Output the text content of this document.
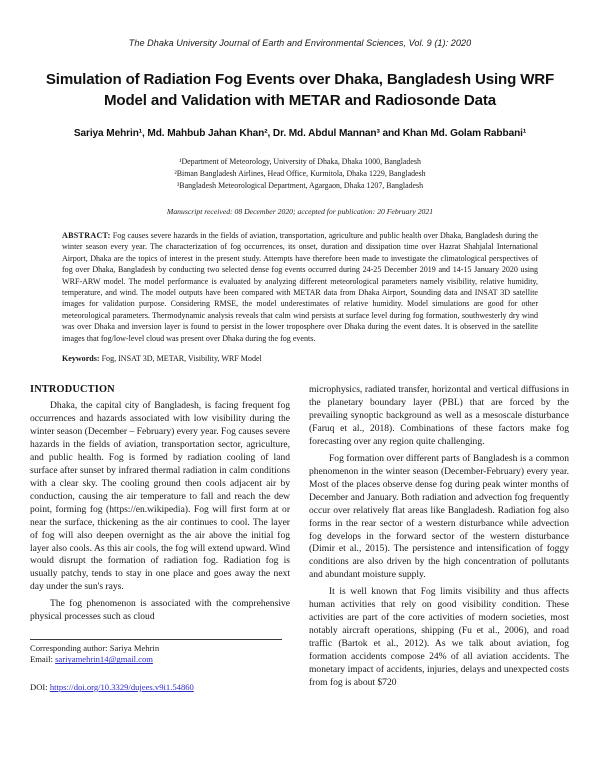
The Dhaka University Journal of Earth and Environmental Sciences, Vol. 9 (1): 2020
Simulation of Radiation Fog Events over Dhaka, Bangladesh Using WRF Model and Validation with METAR and Radiosonde Data
Sariya Mehrin¹, Md. Mahbub Jahan Khan², Dr. Md. Abdul Mannan³ and Khan Md. Golam Rabbani¹
¹Department of Meteorology, University of Dhaka, Dhaka 1000, Bangladesh
²Biman Bangladesh Airlines, Head Office, Kurmitola, Dhaka 1229, Bangladesh
³Bangladesh Meteorological Department, Agargaon, Dhaka 1207, Bangladesh
Manuscript received: 08 December 2020; accepted for publication: 20 February 2021
ABSTRACT: Fog causes severe hazards in the fields of aviation, transportation, agriculture and public health over Dhaka, Bangladesh during the winter season every year. The characterization of fog occurrences, its onset, duration and dissipation time over Hazrat Shahjalal International Airport, Dhaka are the topics of interest in the present study. Attempts have therefore been made to investigate the climatological perspectives of fog over Dhaka, Bangladesh by conducting two selected dense fog events occurred during 24-25 December 2019 and 14-15 January 2020 using WRF-ARW model. The model performance is evaluated by analyzing different meteorological parameters namely visibility, relative humidity, temperature, and wind. The model outputs have been compared with METAR data from Dhaka Airport, Sounding data and INSAT 3D satellite images for validation purpose. Considering RMSE, the model underestimates of relative humidity. Model simulations are good for other meteorological parameters. Thermodynamic analysis reveals that calm wind persists at surface level during fog formation, southwesterly dry wind was over Dhaka and inversion layer is found to persist in the lower troposphere over Dhaka during the event dates. It is observed in the satellite images that fog/low-level cloud was present over Dhaka during the fog events.
Keywords: Fog, INSAT 3D, METAR, Visibility, WRF Model
INTRODUCTION

Dhaka, the capital city of Bangladesh, is facing frequent fog occurrences and hazards associated with low visibility during the winter season (December – February) every year. Fog causes severe hazards in the fields of aviation, transportation sector, agriculture, and public health. Fog is formed by radiation cooling of land surface after sunset by infrared thermal radiation in calm conditions with a clear sky. The cooling ground then cools adjacent air by conduction, causing the air temperature to fall and reach the dew point, forming fog (https://en.wikipedia). Fog will first form at or near the surface, thickening as the air continues to cool. The layer of fog will also deepen overnight as the air above the initial fog layer also cools. As this air cools, the fog will extend upward. Wind would disrupt the formation of radiation fog. Radiation fog is usually patchy, tends to stay in one place and goes away the next day under the sun's rays.

The fog phenomenon is associated with the comprehensive physical processes such as cloud

Corresponding author: Sariya Mehrin
Email: sariyamehrin14@gmail.com
DOI: https://doi.org/10.3329/dujees.v9i1.54860

microphysics, radiated transfer, horizontal and vertical diffusions in the planetary boundary layer (PBL) that are forced by the prevailing synoptic background as well as a mesoscale disturbance (Faruq et al., 2018). Combinations of these factors make fog forecasting over any region quite challenging.

Fog formation over different parts of Bangladesh is a common phenomenon in the winter season (December-February) every year. Most of the places observe dense fog during peak winter months of December and January. Both radiation and advection fog frequently occur over relatively flat areas like Bangladesh. Radiation fog also forms in the rear sector of a western disturbance while advection fog develops in the forward sector of the western disturbance (Dimir et al., 2015). The persistence and intensification of foggy conditions are also driven by the high concentration of pollutants and abundant moisture supply.

It is well known that Fog limits visibility and thus affects human activities that rely on good visibility condition. These activities are part of the core activities of modern societies, most notably aircraft operations, shipping (Fu et al., 2006), and road traffic (Bartok et al., 2012). As we talk about aviation, fog formation accidents compose 24% of all aviation accidents. The monetary impact of accidents, injuries, delays and unexpected costs from fog is about $720
